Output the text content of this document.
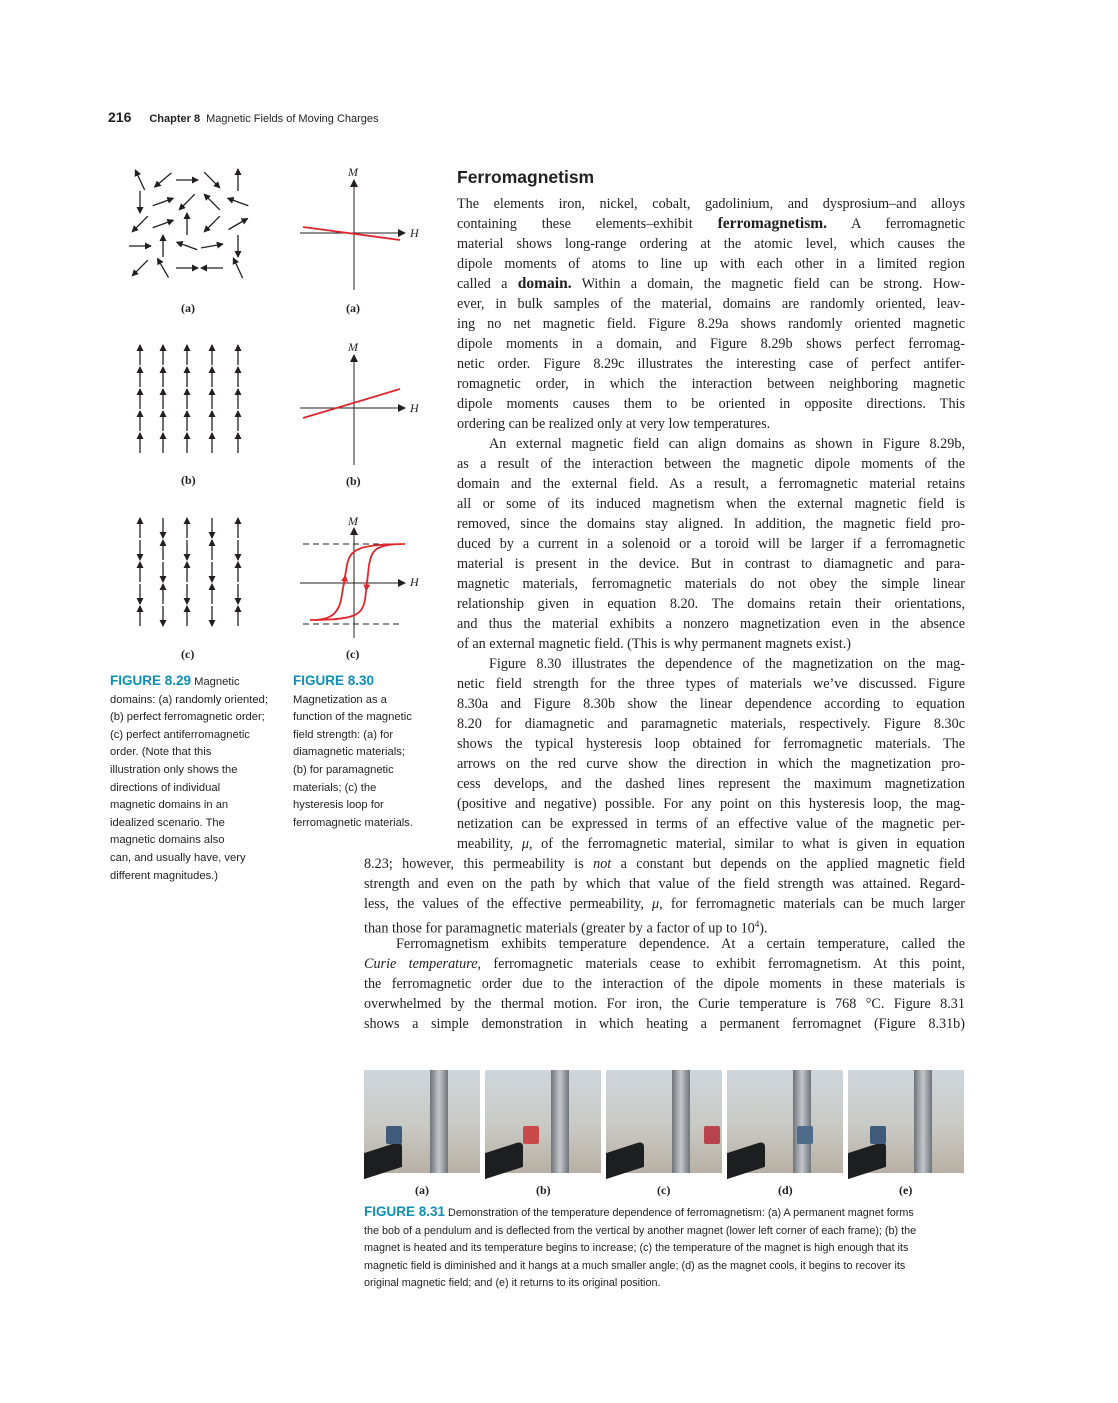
216 Chapter 8 Magnetic Fields of Moving Charges
(a)
(b)
(c)
M
H
(a)
M
H
(b)
M
H
(c)
FIGURE 8.29 Magnetic
domains: (a) randomly oriented;
(b) perfect ferromagnetic order;
(c) perfect antiferromagnetic
order. (Note that this
illustration only shows the
directions of individual
magnetic domains in an
idealized scenario. The
magnetic domains also
can, and usually have, very
different magnitudes.)
FIGURE 8.30
Magnetization as a
function of the magnetic
field strength: (a) for
diamagnetic materials;
(b) for paramagnetic
materials; (c) the
hysteresis loop for
ferromagnetic materials.
Ferromagnetism
The elements iron, nickel, cobalt, gadolinium, and dysprosium–and alloys
containing these elements–exhibit ferromagnetism. A ferromagnetic
material shows long-range ordering at the atomic level, which causes the
dipole moments of atoms to line up with each other in a limited region
called a domain. Within a domain, the magnetic field can be strong. How-
ever, in bulk samples of the material, domains are randomly oriented, leav-
ing no net magnetic field. Figure 8.29a shows randomly oriented magnetic
dipole moments in a domain, and Figure 8.29b shows perfect ferromag-
netic order. Figure 8.29c illustrates the interesting case of perfect antifer-
romagnetic order, in which the interaction between neighboring magnetic
dipole moments causes them to be oriented in opposite directions. This
ordering can be realized only at very low temperatures.
An external magnetic field can align domains as shown in Figure 8.29b,
as a result of the interaction between the magnetic dipole moments of the
domain and the external field. As a result, a ferromagnetic material retains
all or some of its induced magnetism when the external magnetic field is
removed, since the domains stay aligned. In addition, the magnetic field pro-
duced by a current in a solenoid or a toroid will be larger if a ferromagnetic
material is present in the device. But in contrast to diamagnetic and para-
magnetic materials, ferromagnetic materials do not obey the simple linear
relationship given in equation 8.20. The domains retain their orientations,
and thus the material exhibits a nonzero magnetization even in the absence
of an external magnetic field. (This is why permanent magnets exist.)
Figure 8.30 illustrates the dependence of the magnetization on the mag-
netic field strength for the three types of materials we’ve discussed. Figure
8.30a and Figure 8.30b show the linear dependence according to equation
8.20 for diamagnetic and paramagnetic materials, respectively. Figure 8.30c
shows the typical hysteresis loop obtained for ferromagnetic materials. The
arrows on the red curve show the direction in which the magnetization pro-
cess develops, and the dashed lines represent the maximum magnetization
(positive and negative) possible. For any point on this hysteresis loop, the mag-
netization can be expressed in terms of an effective value of the magnetic per-
meability, μ, of the ferromagnetic material, similar to what is given in equation
8.23; however, this permeability is not a constant but depends on the applied magnetic field
strength and even on the path by which that value of the field strength was attained. Regard-
less, the values of the effective permeability, μ, for ferromagnetic materials can be much larger
than those for paramagnetic materials (greater by a factor of up to $10^4$).
Ferromagnetism exhibits temperature dependence. At a certain temperature, called the
Curie temperature, ferromagnetic materials cease to exhibit ferromagnetism. At this point,
the ferromagnetic order due to the interaction of the dipole moments in these materials is
overwhelmed by the thermal motion. For iron, the Curie temperature is 768 °C. Figure 8.31
shows a simple demonstration in which heating a permanent ferromagnet (Figure 8.31b)
(a)	(b)	(c)	(d)	(e)
FIGURE 8.31 Demonstration of the temperature dependence of ferromagnetism: (a) A permanent magnet forms
the bob of a pendulum and is deflected from the vertical by another magnet (lower left corner of each frame); (b) the
magnet is heated and its temperature begins to increase; (c) the temperature of the magnet is high enough that its
magnetic field is diminished and it hangs at a much smaller angle; (d) as the magnet cools, it begins to recover its
original magnetic field; and (e) it returns to its original position.
